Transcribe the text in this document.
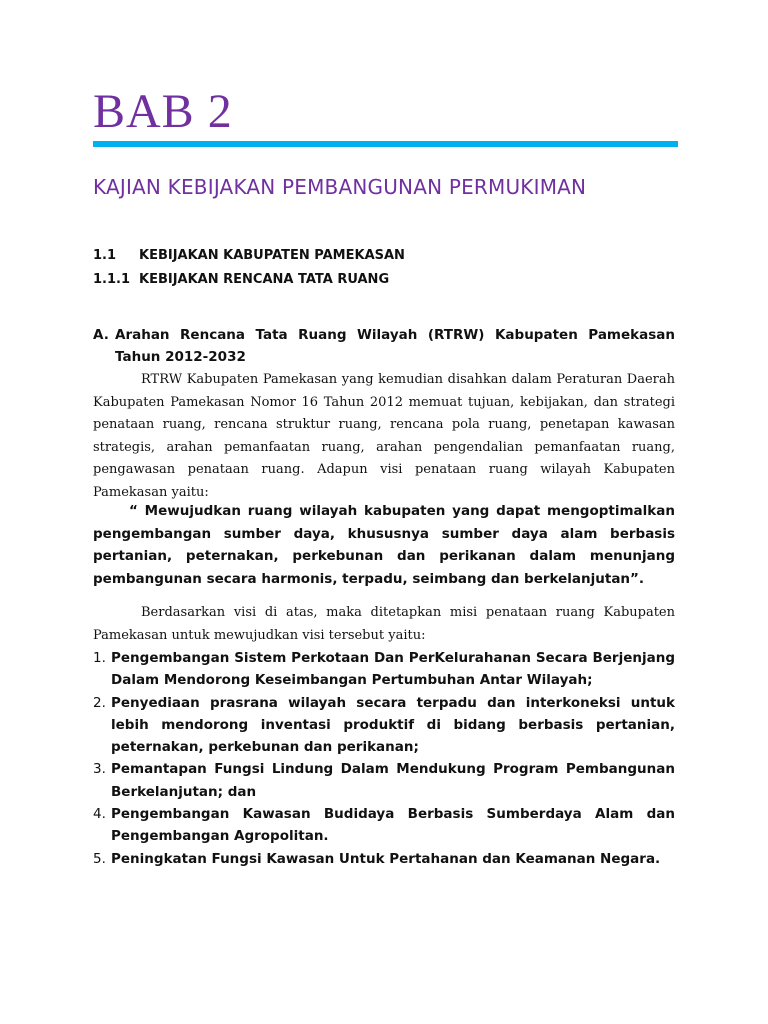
BAB 2
KAJIAN KEBIJAKAN PEMBANGUNAN PERMUKIMAN
1.1 KEBIJAKAN KABUPATEN PAMEKASAN
1.1.1 KEBIJAKAN RENCANA TATA RUANG
A. Arahan Rencana Tata Ruang Wilayah (RTRW) Kabupaten Pamekasan Tahun 2012-2032
RTRW Kabupaten Pamekasan yang kemudian disahkan dalam Peraturan Daerah Kabupaten Pamekasan Nomor 16 Tahun 2012 memuat tujuan, kebijakan, dan strategi penataan ruang, rencana struktur ruang, rencana pola ruang, penetapan kawasan strategis, arahan pemanfaatan ruang, arahan pengendalian pemanfaatan ruang, pengawasan penataan ruang. Adapun visi penataan ruang wilayah Kabupaten Pamekasan yaitu:
“ Mewujudkan ruang wilayah kabupaten yang dapat mengoptimalkan pengembangan sumber daya, khususnya sumber daya alam berbasis pertanian, peternakan, perkebunan dan perikanan dalam menunjang pembangunan secara harmonis, terpadu, seimbang dan berkelanjutan”.
Berdasarkan visi di atas, maka ditetapkan misi penataan ruang Kabupaten Pamekasan untuk mewujudkan visi tersebut yaitu:
1. Pengembangan Sistem Perkotaan Dan PerKelurahanan Secara Berjenjang Dalam Mendorong Keseimbangan Pertumbuhan Antar Wilayah;
2. Penyediaan prasrana wilayah secara terpadu dan interkoneksi untuk lebih mendorong inventasi produktif di bidang berbasis pertanian, peternakan, perkebunan dan perikanan;
3. Pemantapan Fungsi Lindung Dalam Mendukung Program Pembangunan Berkelanjutan; dan
4. Pengembangan Kawasan Budidaya Berbasis Sumberdaya Alam dan Pengembangan Agropolitan.
5. Peningkatan Fungsi Kawasan Untuk Pertahanan dan Keamanan Negara.
